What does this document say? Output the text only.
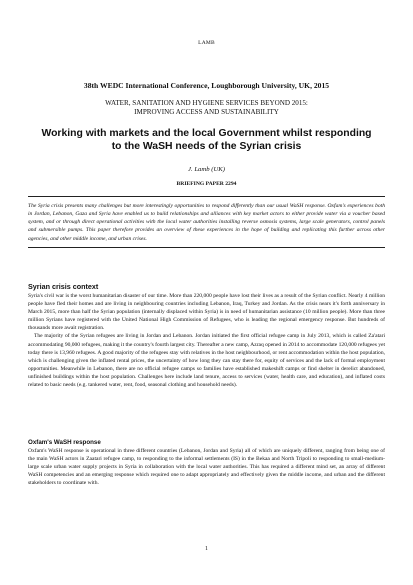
LAMB
38th WEDC International Conference, Loughborough University, UK, 2015
WATER, SANITATION AND HYGIENE SERVICES BEYOND 2015:
IMPROVING ACCESS AND SUSTAINABILITY
Working with markets and the local Government whilst responding to the WaSH needs of the Syrian crisis
J. Lamb (UK)
BRIEFING PAPER 2294
The Syria crisis presents many challenges but more interestingly opportunities to respond differently than our usual WaSH response. Oxfam's experiences both in Jordan, Lebanon, Gaza and Syria have enabled us to build relationships and alliances with key market actors to either provide water via a voucher based system, and or through direct operational activities with the local water authorities installing reverse osmosis systems, large scale generators, control panels and submersible pumps. This paper therefore provides an overview of these experiences in the hope of building and replicating this further across other agencies, and other middle income, and urban crises.
Syrian crisis context

Syria's civil war is the worst humanitarian disaster of our time. More than 220,000 people have lost their lives as a result of the Syrian conflict. Nearly 4 million people have fled their homes and are living in neighbouring countries including Lebanon, Iraq, Turkey and Jordan. As the crisis nears it's forth anniversary in March 2015, more than half the Syrian population (internally displaced within Syria) is in need of humanitarian assistance (10 million people). More than three million Syrians have registered with the United National High Commission of Refugees, who is leading the regional emergency response. But hundreds of thousands more await registration.

The majority of the Syrian refugees are living in Jordan and Lebanon. Jordan initiated the first official refugee camp in July 2013, which is called Za'atari accommodating 90,000 refugees, making it the country's fourth largest city. Thereafter a new camp, Azraq opened in 2014 to accommodate 120,000 refugees yet today there is 13,960 refugees. A good majority of the refugees stay with relatives in the host neighbourhood, or rent accommodation within the host population, which is challenging given the inflated rental prices, the uncertainty of how long they can stay there for, equity of services and the lack of formal employment opportunities. Meanwhile in Lebanon, there are no official refugee camps so families have established makeshift camps or find shelter in derelict abandoned, unfinished buildings within the host population. Challenges here include land tenure, access to services (water, health care, and education), and inflated costs related to basic needs (e.g. tankered water, rent, food, seasonal clothing and household needs).

Oxfam's WaSH response

Oxfam's WaSH response is operational in three different countries (Lebanon, Jordan and Syria) all of which are uniquely different, ranging from being one of the main WaSH actors in Zaatari refugee camp, to responding to the informal settlements (IS) in the Bekaa and North Tripoli to responding to small-medium-large scale urban water supply projects in Syria in collaboration with the local water authorities. This has required a different mind set, an array of different WaSH competencies and an emerging response which required one to adapt appropriately and effectively given the middle income, and urban and the different stakeholders to coordinate with.

1
